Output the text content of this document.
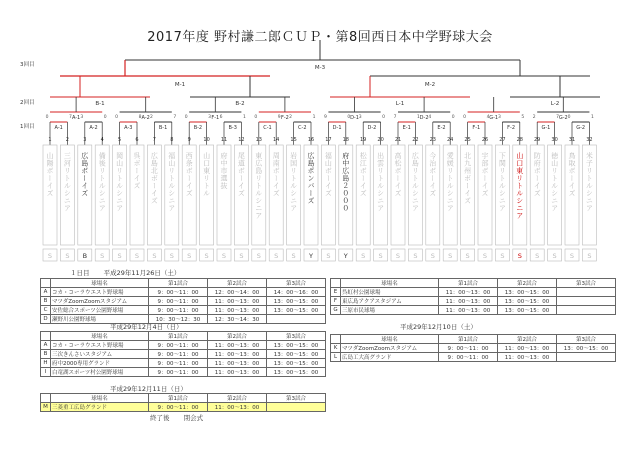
2017年度 野村謙二郎ＣＵＰ・第8回西日本中学野球大会
3回目
2回目
1回目
M-3
M-1	M-2
B-1	B-2	L-1	L-2
A-1	A-2	F-1	F-2	D-1	D-2	G-1	G-2
A-1
0	7
A-2
3	0
A-3
0	8
B-1
2	7
B-2
0	3
B-3
6	1
C-1
0	9
C-2
2	1
D-1
9	0
D-2
3	0
E-1
7	1
E-2
4	0
F-1
0	4
F-2
3	5
G-1
2	7
G-2
0	1
1
山陽ボーイズ
S
2
三河リトルシニア
S
3
広島ボーイズ
B
4
備後リトルシニア
S
5
岡山リトルシニア
S
6
呉ボーイズ
S
7
広島北ボーイズ
S
8
福山リトルシニア
S
9
西条ボーイズ
S
10
山口東リトル
S
11
府中市選抜
S
12
尾道ボーイズ
S
13
東広島リトルシニア
S
14
周南ボーイズ
S
15
岩国リトルシニア
S
16
広島ポンバーズ
Y
17
福山ボーイズ
S
18
府中広島２０００
Y
19
松江ボーイズ
S
20
出雲リトルシニア
S
21
高松ボーイズ
S
22
広島リトルシニア
S
23
今治ボーイズ
S
24
愛媛リトルシニア
S
25
北九州ボーイズ
S
26
宇部ボーイズ
S
27
下関リトルシニア
S
28
山口東リトルシニア
S
29
防府ボーイズ
S
30
徳山リトルシニア
S
31
鳥取ボーイズ
S
32
米子リトルシニア
S
１日目 平成29年11月26日（土）
	球場名	第1試合	第2試合	第3試合
A	コカ・コーラウエスト野球場	9：00〜11：00	12：00〜14：00	14：00〜16：00
B	マツダZoomZoomスタジアム	9：00〜11：00	11：00〜13：00	13：00〜15：00
C	安佐総合スポーツ公園野球場	9：00〜11：00	11：00〜13：00	13：00〜15：00
D	瀬野川公園野球場	10：30〜12：30	12：30〜14：30	
	球場名	第1試合	第2試合	第3試合
E	呉虹村公園球場	11：00〜13：00	13：00〜15：00	
F	東広島アクアスタジアム	11：00〜13：00	13：00〜15：00	
G	三原市民球場	11：00〜13：00	13：00〜15：00	
平成29年12月4日（日）
	球場名	第1試合	第2試合	第3試合
A	コカ・コーラウエスト野球場	9：00〜11：00	11：00〜13：00	13：00〜15：00
B	三次きんさいスタジアム	9：00〜11：00	11：00〜13：00	13：00〜15：00
H	府中2000専用グランド	9：00〜11：00	11：00〜13：00	13：00〜15：00
I	白竜湖スポーツ村公園野球場	9：00〜11：00	11：00〜13：00	13：00〜15：00
平成29年12月10日（土）
	球場名	第1試合	第2試合	第3試合
K	マツダZoomZoomスタジアム	9：00〜11：00	11：00〜13：00	13：00〜15：00
L	広島工大高グランド	9：00〜11：00	11：00〜13：00	
平成29年12月11日（日）
	球場名	第1試合	第2試合	第3試合
M	三菱重工広島グランド	9：00〜11：00	11：00〜13：00	
終了後 閉会式
